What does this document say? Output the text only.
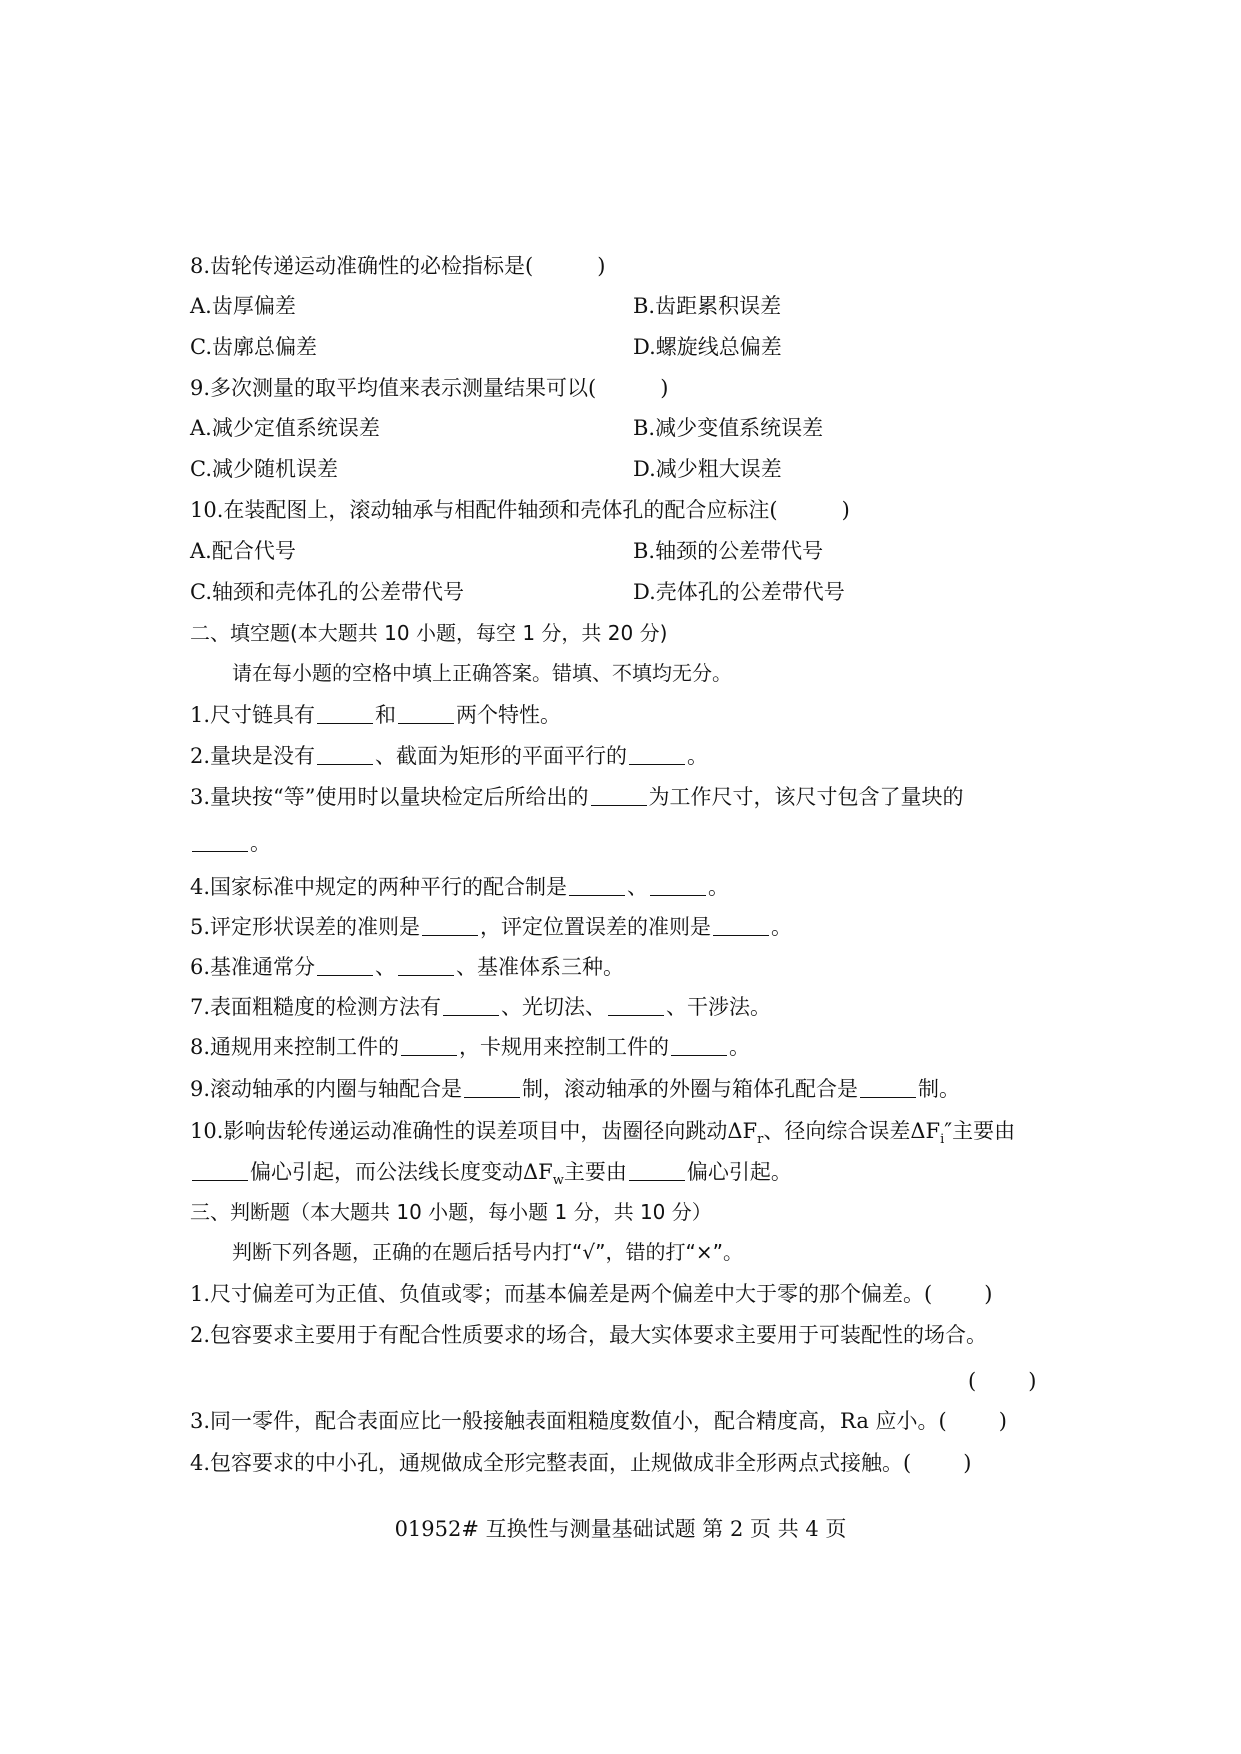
8.齿轮传递运动准确性的必检指标是(	)
A.齿厚偏差	B.齿距累积误差
C.齿廓总偏差	D.螺旋线总偏差
9.多次测量的取平均值来表示测量结果可以(	)
A.减少定值系统误差	B.减少变值系统误差
C.减少随机误差	D.减少粗大误差
10.在装配图上，滚动轴承与相配件轴颈和壳体孔的配合应标注(	)
A.配合代号	B.轴颈的公差带代号
C.轴颈和壳体孔的公差带代号	D.壳体孔的公差带代号
二、填空题(本大题共 10 小题，每空 1 分，共 20 分)
请在每小题的空格中填上正确答案。错填、不填均无分。
1.尺寸链具有	和	两个特性。
2.量块是没有	、截面为矩形的平面平行的	。
3.量块按“等”使用时以量块检定后所给出的	为工作尺寸，该尺寸包含了量块的
。
4.国家标准中规定的两种平行的配合制是	、	。
5.评定形状误差的准则是	，评定位置误差的准则是	。
6.基准通常分	、	、基准体系三种。
7.表面粗糙度的检测方法有	、光切法、	、干涉法。
8.通规用来控制工件的	，卡规用来控制工件的	。
9.滚动轴承的内圈与轴配合是	制，滚动轴承的外圈与箱体孔配合是	制。
10.影响齿轮传递运动准确性的误差项目中，齿圈径向跳动$\Delta F_r$、径向综合误差$\Delta F_i''$主要由
偏心引起，而公法线长度变动$\Delta F_w$主要由	偏心引起。
三、判断题（本大题共 10 小题，每小题 1 分，共 10 分）
判断下列各题，正确的在题后括号内打“√”，错的打“×”。
1.尺寸偏差可为正值、负值或零；而基本偏差是两个偏差中大于零的那个偏差。( )
2.包容要求主要用于有配合性质要求的场合，最大实体要求主要用于可装配性的场合。
( )
3.同一零件，配合表面应比一般接触表面粗糙度数值小，配合精度高，Ra 应小。( )
4.包容要求的中小孔，通规做成全形完整表面，止规做成非全形两点式接触。( )
01952# 互换性与测量基础试题 第 2 页 共 4 页
